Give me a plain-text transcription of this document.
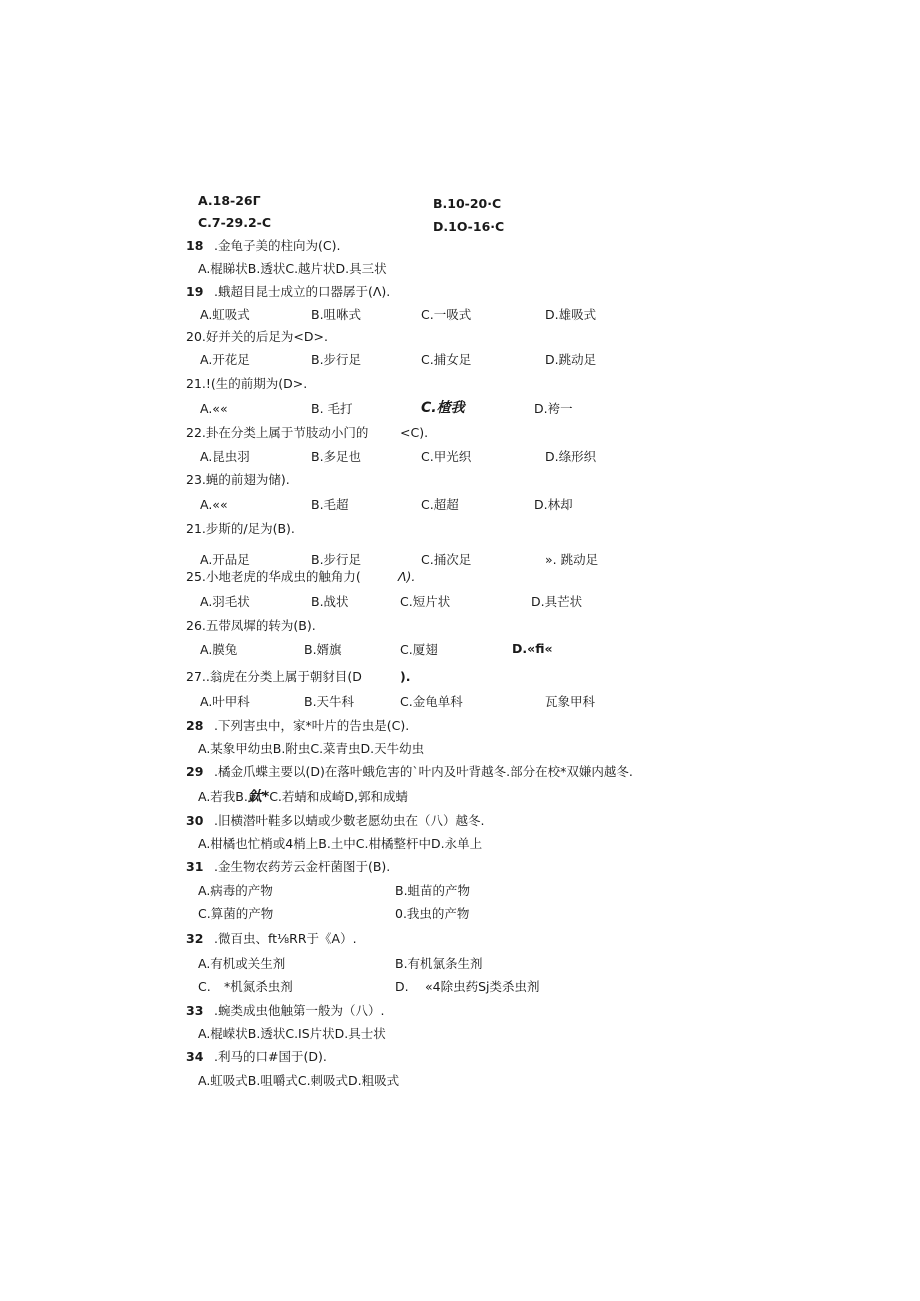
A.18-26Г	B.10-20·C
C.7-29.2-C	D.1O-16·C
18 .金龟子美的柱向为(C).
A.棍睇状B.透状C.越片状D.具三状
19 .蛾超目昆士成立的口器孱于(Λ).
A.虹吸式	B.咀咻式	C.一吸式	D.雄吸式
20.好并关的后足为<D>.
A.开花足	B.步行足	C.捕女足	D.跳动足
21.!(生的前期为(D>.
A.««	B. 毛打	C.楂我	D.袴一
22.卦在分类上属于节肢动小门的	<C).
A.昆虫羽	B.多足也	C.甲光织	D.绦形织
23.蝇的前翅为储).
A.««	B.毛超	C.超超	D.林却
21.步斯的/足为(B).
A.开品足	B.步行足	C.捅次足	». 跳动足
25.小地老虎的华成虫的触角力(	Λ).
A.羽毛状	B.战状	C.短片状	D.具芒状
26.五带凤墀的转为(B).
A.膜兔	B.婿旗	C.厦翅	D.«fi«
27..翁虎在分类上属于朝豺目(D	).
A.叶甲科	B.天牛科	C.金龟单科	瓦象甲科
28 .下列害虫中，家*叶片的告虫是(C).
A.某象甲幼虫B.附虫C.菜青虫D.天牛幼虫
29 .橘金爪蝶主要以(D)在落叶蛾危害的`叶内及叶背越冬.部分在校*双嫌内越冬.
A.若我B.鈦*C.若蜻和成崎D,郭和成蜻
30 .旧横潜叶鞋多以蜻或少數老愿幼虫在（八）越冬.
A.柑橘也忙梢或4梢上B.土中C.柑橘整杆中D.永单上
31 .金生物农药芳云金杆菌图于(B).
A.病毒的产物	B.蛆苗的产物
C.算菌的产物	0.我虫的产物
32 .微百虫、ft⅛RR于《A）.
A.有机或关生剂	B.有机氯条生剂
C. *机氮杀虫剂	D. «4除虫药Sj类杀虫剂
33 .蜿类成虫他触第一般为（八）.
A.棍嵘状B.透状C.IS片状D.具士状
34 .利马的口#国于(D).
A.虹吸式B.咀嚼式C.刺吸式D.粗吸式
